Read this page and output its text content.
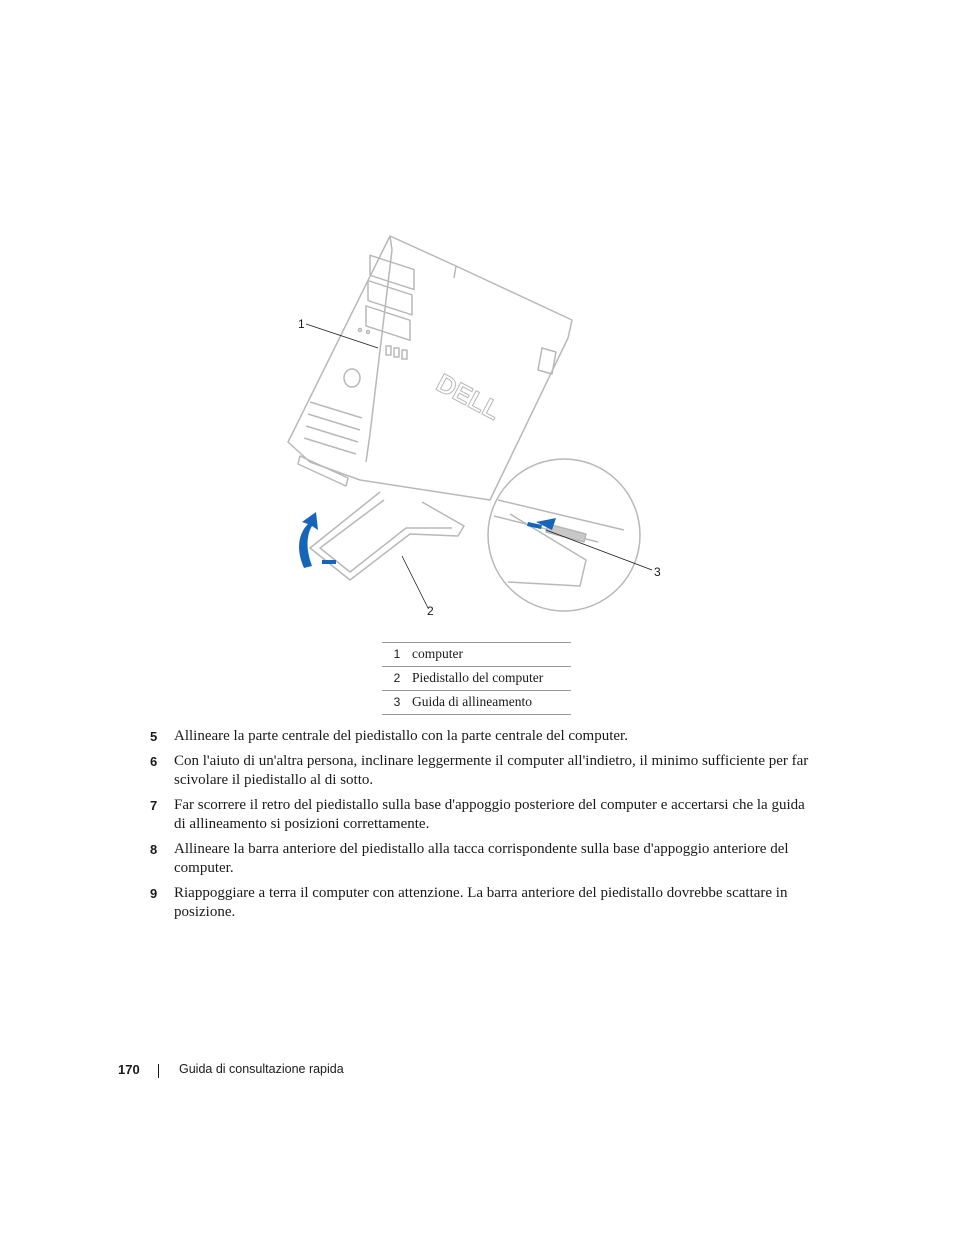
DELL
1
2
3
1	computer
2	Piedistallo del computer
3	Guida di allineamento
5 Allineare la parte centrale del piedistallo con la parte centrale del computer.
6 Con l'aiuto di un'altra persona, inclinare leggermente il computer all'indietro, il minimo sufficiente per far scivolare il piedistallo al di sotto.
7 Far scorrere il retro del piedistallo sulla base d'appoggio posteriore del computer e accertarsi che la guida di allineamento si posizioni correttamente.
8 Allineare la barra anteriore del piedistallo alla tacca corrispondente sulla base d'appoggio anteriore del computer.
9 Riappoggiare a terra il computer con attenzione. La barra anteriore del piedistallo dovrebbe scattare in posizione.
170	Guida di consultazione rapida
